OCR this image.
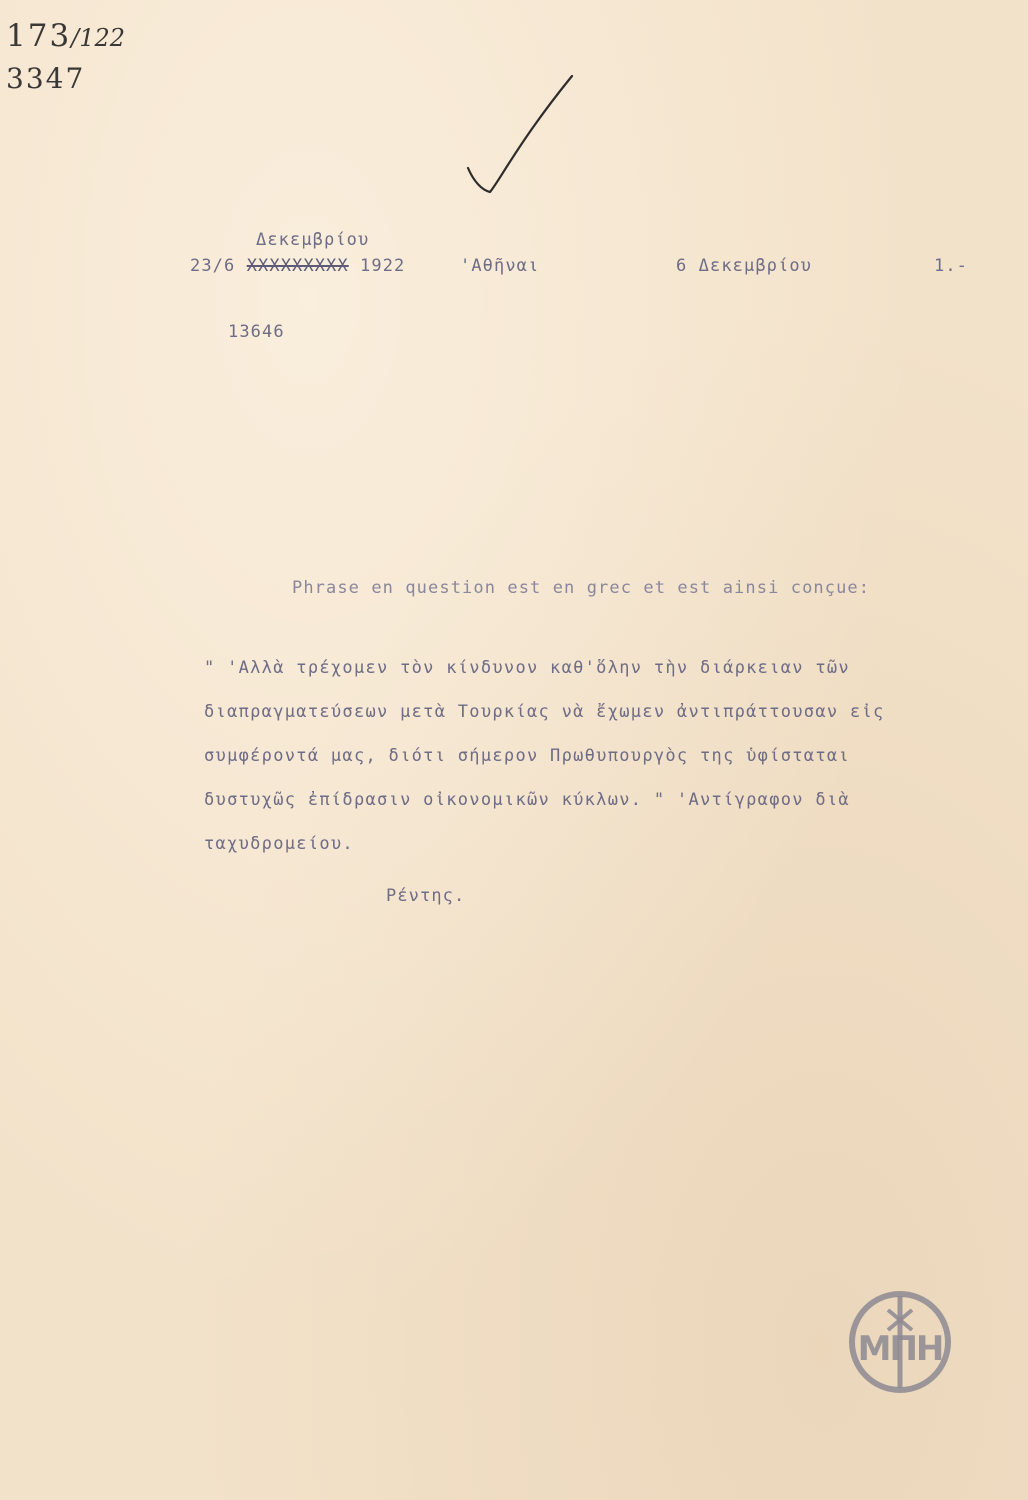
173/122
3347
Δεκεμβρίου
23/6 ΧΧΧΧΧΧΧΧΧ 1922	'Αθῆναι	6 Δεκεμβρίου	1.-
13646
Phrase en question est en grec et est ainsi conçue:
" 'Αλλὰ τρέχομεν τὸν κίνδυνον καθ'ὅλην τὴν διάρκειαν τῶν
διαπραγματεύσεων μετὰ Τουρκίας νὰ ἔχωμεν ἀντιπράττουσαν εἰς
συμφέροντά μας, διότι σήμερον Πρωθυπουργὸς της ὑφίσταται
δυστυχῶς ἐπίδρασιν οἰκονομικῶν κύκλων. " 'Αντίγραφον διὰ
ταχυδρομείου.
Ρέντης.
ΜΠΗ
